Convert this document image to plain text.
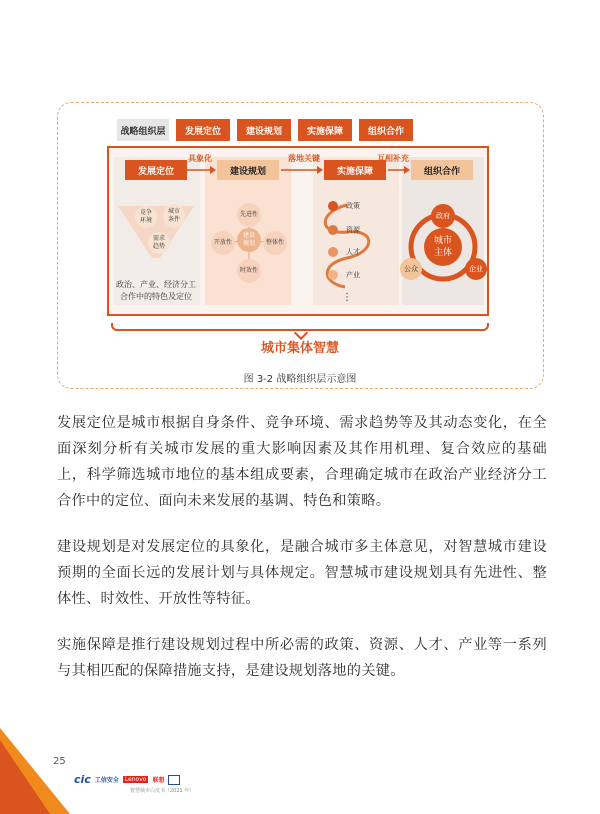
战略组织层	发展定位	建设规划	实施保障	组织合作
发展定位	建设规划	实施保障	组织合作
具象化	落地关键	互相补充
竞争
环境
城市
条件
需求
趋势
政治、产业、经济分工
合作中的特色及定位
建设
规划
先进性
开放性	整体性
时效性
政策
资源
人才
产业
⋮
城市
主体
政府
公众	企业
城市集体智慧
图 3-2 战略组织层示意图
发展定位是城市根据自身条件、竞争环境、需求趋势等及其动态变化，在全面深刻分析有关城市发展的重大影响因素及其作用机理、复合效应的基础上，科学筛选城市地位的基本组成要素，合理确定城市在政治产业经济分工合作中的定位、面向未来发展的基调、特色和策略。
建设规划是对发展定位的具象化，是融合城市多主体意见，对智慧城市建设预期的全面长远的发展计划与具体规定。智慧城市建设规划具有先进性、整体性、时效性、开放性等特征。
实施保障是推行建设规划过程中所必需的政策、资源、人才、产业等一系列与其相匹配的保障措施支持，是建设规划落地的关键。
25
cic 工信安全	Lenovo	联想
智慧城市白皮书（2021 年）
